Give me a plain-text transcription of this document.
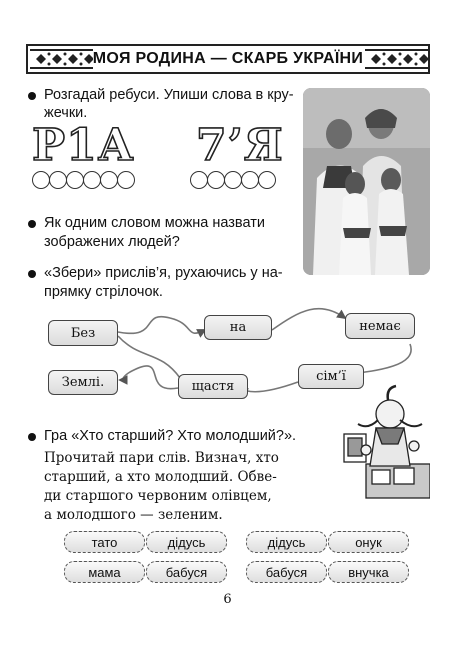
МОЯ РОДИНА — СКАРБ УКРАЇНИ
Розгадай ребуси. Упиши слова в кру-
жечки.
Р1А 7’Я
Як одним словом можна назвати
зображених людей?
«Збери» прислів’я, рухаючись у на-
прямку стрілочок.
Без	на	немає
Землі.	щастя
сім’ї
Гра «Хто старший? Хто молодший?».
Прочитай пари слів. Визнач, хто
старший, а хто молодший. Обве-
ди старшого червоним олівцем,
а молодшого — зеленим.
тато	дідусь	дідусь	онук
мама	бабуся	бабуся	внучка
6
